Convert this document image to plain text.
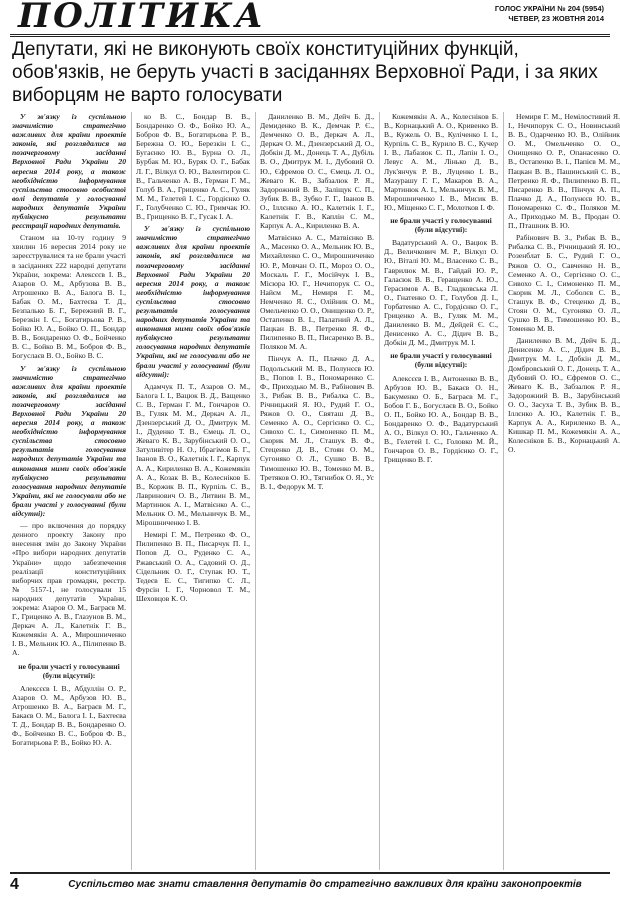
ПОЛІТИКА	ГОЛОС УКРАЇНИ № 204 (5954)
ЧЕТВЕР, 23 ЖОВТНЯ 2014
Депутати, які не виконують своїх конституційних функцій, обов'язків, не беруть участі в засіданнях Верховної Ради, і за яких виборцям не варто голосувати

У зв'язку із суспільною значимістю стратегічно важливих для країни проектів законів, які розглядалися на позачерговому засіданні Верховної Ради України 20 вересня 2014 року, а також необхідністю інформування суспільства стосовно особистої волі депутатів у голосуванні народних депутатів України публікуємо результати реєстрації народних депутатів.

Станом на 10-ту годину 9 хвилин 16 вересня 2014 року не зареєструвалися та не брали участі в засіданнях 222 народні депутати України, зокрема: Алексєєв І. В., Азаров О. М., Арбузова В. В., Атрошенко В. А., Балога В. І., Бабак О. М., Бахтеєва Т. Д., Безпалько Б. Г., Бережний В. Г., Березкін І. С., Богатирьова Р. В., Бойко Ю. А., Бойко О. П., Бондар В. В., Бондаренко О. Ф., Бойченко В. С., Бойко В. М., Бобров Ф. В., Богуслаєв В. О., Бойко В. С.

У зв'язку із суспільною значимістю стратегічно важливих для країни проектів законів, які розглядалися на позачерговому засіданні Верховної Ради України 20 вересня 2014 року, а також необхідністю інформування суспільства стосовно результатів голосування народних депутатів України та виконання ними своїх обов'язків публікуємо результати голосування народних депутатів України, які не голосували або не брали участі у голосуванні (були відсутні):

— про включення до порядку денного проекту Закону про внесення змін до Закону України «Про вибори народних депутатів України» щодо забезпечення реалізації конституційних виборчих прав громадян, реєстр. № 5157-1, не голосували 15 народних депутатів України, зокрема: Азаров О. М., Баграєв М. Г., Гриценко А. В., Глазунов В. М., Деркач А. Л., Калетнік Г. В., Кожемякін А. А., Мирошниченко І. В., Мельник Ю. А., Пілипенко В. А.

не брали участі у голосуванні (були відсутні):

Алексєєв І. В., Абдуллін О. Р., Азаров О. М., Арбузов Ю. В., Атрошенко В. А., Баграєв М. Г., Бакаєв О. М., Балога І. І., Бахтеєва Т. Д., Бондар В. В., Бондаренко О. Ф., Бойченко В. С., Бобров Ф. В., Богатирьова Р. В., Бойко Ю. А.

ко В. С., Бондар В. В., Бондаренко О. Ф., Бойко Ю. А., Бобров Ф. В., Богатирьова Р. В., Бережна О. Ю., Березкін І. С., Бугаєнко Ю. В., Бурна О. Л., Бурбак М. Ю., Буряк О. Г., Бабак Л. Г., Вілкул О. Ю., Валентиров С. В., Гальченко А. В., Герман Г. М., Голуб В. А., Гриценко А. С., Гуляк М. М., Гелетей І. С., Гордієнко О. Г., Голубченко С. Ю., Гримчак Ю. В., Грищенко В. Г., Гусак І. А.

У зв'язку із суспільною значимістю стратегічно важливих для країни проектів законів, які розглядалися на позачерговому засіданні Верховної Ради України 20 вересня 2014 року, а також необхідністю інформування суспільства стосовно результатів голосування народних депутатів України та виконання ними своїх обов'язків публікуємо результати голосування народних депутатів України, які не голосували або не брали участі у голосуванні (були відсутні):

Адамчук П. Т., Азаров О. М., Балога І. І., Вацюк В. Д., Ващенко С. В., Герман Г. М., Гончаров О. В., Гуляк М. М., Деркач А. Л., Дзензерський Д. О., Дмитрук М. І., Дуденко Т. В., Ємець Л. О., Жеваго К. В., Зарубінський О. О., Затуливітер Н. О., Ібрагімов Б. Г., Іванов В. О., Калетнік І. Г., Карпук А. А., Кириленко В. А., Кожемякін А. А., Козак В. В., Колесніков Б. В., Коржик В. П., Курпіль С. В., Лавринович О. В., Литвин В. М., Мартинюк А. І., Матвієнко А. С., Мельник О. М., Мельничук В. М., Мірошниченко І. В.

Немирі Г. М., Петренко Ф. О., Пилипенко В. П., Писарчук П. І., Попов Д. О., Руденко С. А., Ржавський О. А., Садовий О. Д., Сідельник О. Г., Ступак Ю. Т., Тедеєв Е. С., Тигипко С. Л., Фурсін І. Г., Чорновол Т. М., Шеховцов К. О.

Даниленко В. М., Дейч Б. Д., Демиденко В. К., Демчак Р. Є., Демченко О. В., Деркач А. Л., Деркач О. М., Дзензерський Д. О., Добкін Д. М., Донець Т. А., Дубіль В. О., Дмитрук М. І., Дубовий О. Ю., Єфремов О. С., Ємець Л. О., Жеваго К. В., Забзалюк Р. Я., Задорожний В. В., Заліщук С. П., Зубик В. В., Зубко Г. Г., Іванов В. О., Іллєнко А. Ю., Калетнік І. Г., Калетнік Г. В., Каплін С. М., Карпук А. А., Кириленко В. А.

Матвієнко А. С., Матвієнко В. А., Масенко О. А., Мельник Ю. В., Михайленко С. О., Мирошниченко Ю. Р., Мовчан О. П., Мороз О. О., Москаль Г. Г., Мосійчук І. В., Місюра Ю. Г., Нечипорук С. О., Найєм М., Немиря Г. М., Немченко Я. С., Олійник О. М., Омельченко О. О., Онищенко О. Р., Остапенко В. І., Палатний А. Л., Пацкан В. В., Петренко Я. Ф., Пилипенко В. П., Писаренко В. В., Поляков М. А.

Пінчук А. П., Плачко Д. А., Подольський М. В., Полунєєв Ю. В., Попов І. В., Пономаренко С. Ф., Приходько М. В., Рабінович В. З., Рибак В. В., Рибалка С. В., Річницький Я. Ю., Рудий Г. О., Ряжов О. О., Святаш Д. В., Семенко А. О., Сергієнко О. С., Сивохо С. І., Симоненко П. М., Скорик М. Л., Сташук В. Ф., Стеценко Д. В., Стоян О. М., Сугоняко О. Л., Сушко В. В., Тимошенко Ю. В., Томенко М. В., Третяков О. Ю., Тягнибок О. Я., Ус В. І., Федорук М. Т.

Кожемякін А. А., Колесніков Б. В., Корнацький А. О., Кривенко В. В., Кужель О. В., Куліченко І. І., Курпіль С. В., Курило В. С., Кучер І. В., Лабазюк С. П., Лапін І. О., Левус А. М., Лінько Д. В., Лук'янчук Р. В., Луценко І. В., Мазурашу Г. Г., Макаров В. А., Мартинюк А. І., Мельничук В. М., Мирошниченко І. В., Мисик В. Ю., Міщенко С. Г., Молотков І. Ф.

не брали участі у голосуванні (були відсутні):

Вадатурський А. О., Вацюк В. Д., Величкович М. Р., Вілкул О. Ю., Віталі Ю. М., Власенко С. В., Гаврилюк М. В., Гайдай Ю. Р., Галасюк В. В., Геращенко А. Ю., Герасимов А. В., Гладковська Л. О., Гнатенко О. Г., Голубов Д. І., Горбатенко А. С., Гордієнко О. Г., Гриценко А. В., Гуляк М. М., Даниленко В. М., Дейдей Є. С., Денисенко А. С., Дідич В. В., Добкін Д. М., Дмитрук М. І.

не брали участі у голосуванні (були відсутні):

Алексєєв І. В., Антоненко В. В., Арбузов Ю. В., Бакаєв О. Н., Бакуменко О. Б., Баграєв М. Г., Бобов Г. Б., Богуслаєв В. О., Бойко О. П., Бойко Ю. А., Бондар В. В., Бондаренко О. Ф., Вадатурський А. О., Вілкул О. Ю., Гальченко А. В., Гелетей І. С., Головко М. Й., Гончаров О. В., Гордієнко О. Г., Грищенко В. Г.

Немиря Г. М., Немілостивий Я. І., Нечипорук С. О., Новинський В. В., Одарченко Ю. В., Олійник О. М., Омельченко О. О., Онищенко О. Р., Опанасенко О. В., Остапенко В. І., Папієв М. М., Пацкан В. В., Пашинський С. В., Петренко Я. Ф., Пилипенко В. П., Писаренко В. В., Пінчук А. П., Плачко Д. А., Полунєєв Ю. В., Пономаренко С. Ф., Поляков М. А., Приходько М. В., Продан О. П., Пташник В. Ю.

Рабінович В. З., Рибак В. В., Рибалка С. В., Річницький Я. Ю., Розенблат Б. С., Рудий Г. О., Ряжов О. О., Савченко Н. В., Семенко А. О., Сергієнко О. С., Сивохо С. І., Симоненко П. М., Скорик М. Л., Соболєв С. В., Сташук В. Ф., Стеценко Д. В., Стоян О. М., Сугоняко О. Л., Сушко В. В., Тимошенко Ю. В., Томенко М. В.

Даниленко В. М., Дейч Б. Д., Денисенко А. С., Дідич В. В., Дмитрук М. І., Добкін Д. М., Домбровський О. Г., Донець Т. А., Дубовий О. Ю., Єфремов О. С., Жеваго К. В., Забзалюк Р. Я., Задорожний В. В., Зарубінський О. О., Засуха Т. В., Зубик В. В., Іллєнко А. Ю., Калетнік Г. В., Карпук А. А., Кириленко В. А., Кишкар П. М., Кожемякін А. А., Колесніков Б. В., Корнацький А. О.

4	Суспільство має знати ставлення депутатів до стратегічно важливих для країни законопроектів
